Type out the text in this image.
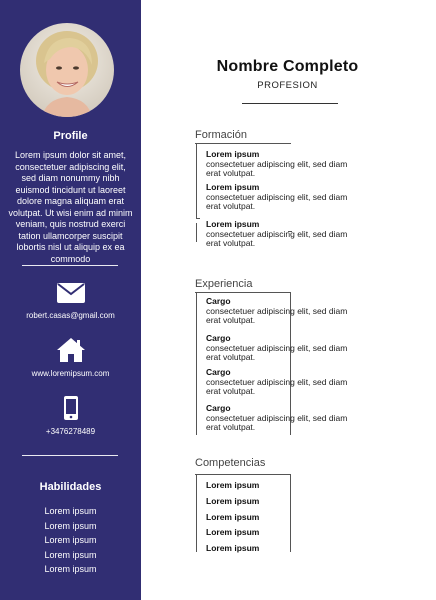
Profile
Lorem ipsum dolor sit amet, consectetuer adipiscing elit, sed diam nonummy nibh euismod tincidunt ut laoreet dolore magna aliquam erat volutpat. Ut wisi enim ad minim veniam, quis nostrud exerci tation ullamcorper suscipit lobortis nisl ut aliquip ex ea commodo
robert.casas@gmail.com
www.loremipsum.com
+3476278489
Habilidades
Lorem ipsum
Lorem ipsum
Lorem ipsum
Lorem ipsum
Lorem ipsum
Nombre Completo
PROFESION
Formación
Lorem ipsum
consectetuer adipiscing elit, sed diam erat volutpat.
Lorem ipsum
consectetuer adipiscing elit, sed diam erat volutpat.
Lorem ipsum
consectetuer adipiscing elit, sed diam erat volutpat.
Experiencia
Cargo
consectetuer adipiscing elit, sed diam erat volutpat.
Cargo
consectetuer adipiscing elit, sed diam erat volutpat.
Cargo
consectetuer adipiscing elit, sed diam erat volutpat.
Cargo
consectetuer adipiscing elit, sed diam erat volutpat.
Competencias
Lorem ipsum
Lorem ipsum
Lorem ipsum
Lorem ipsum
Lorem ipsum
